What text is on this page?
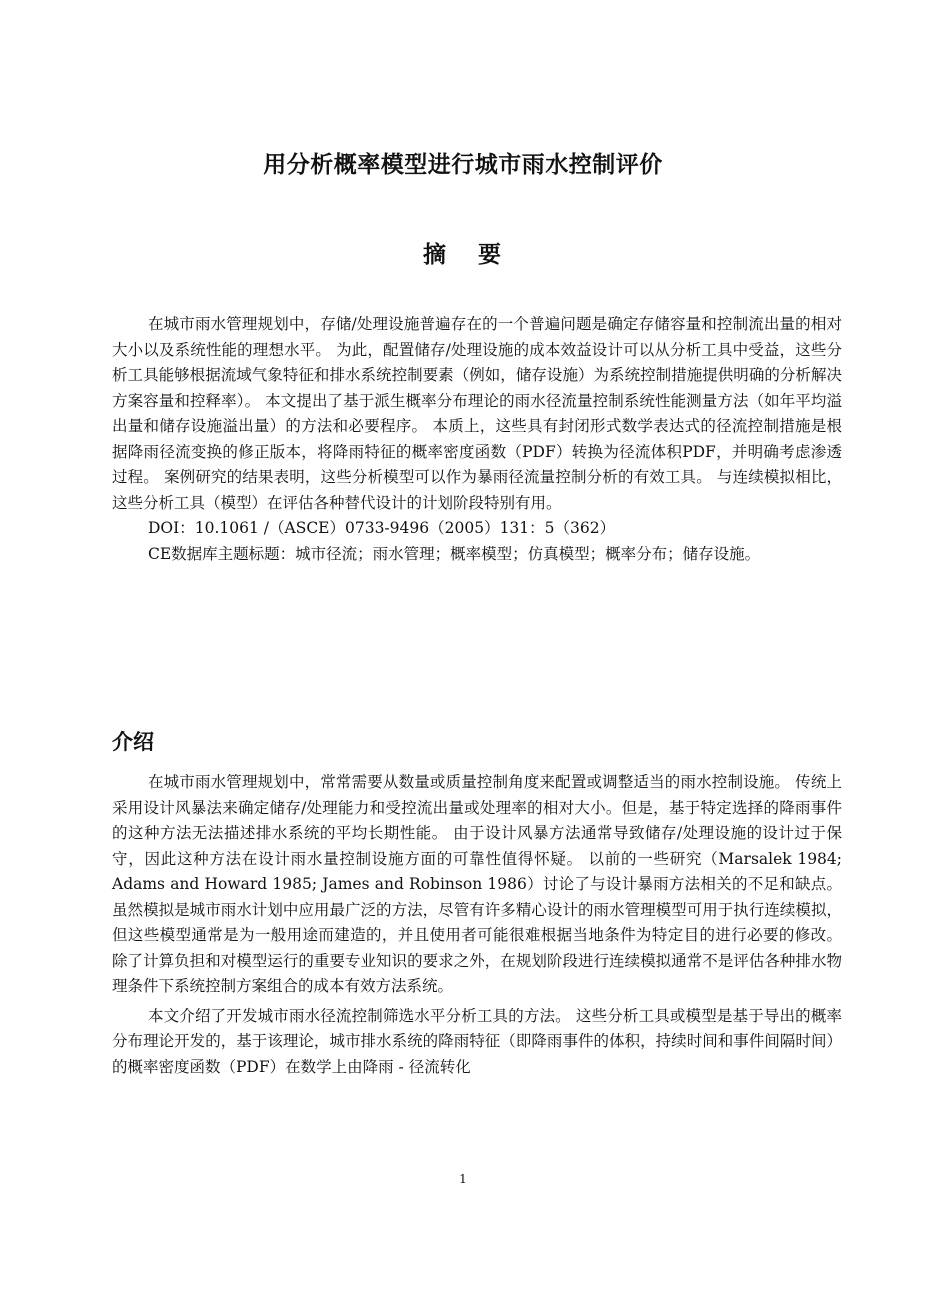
用分析概率模型进行城市雨水控制评价
摘 要

在城市雨水管理规划中，存储/处理设施普遍存在的一个普遍问题是确定存储容量和控制流出量的相对大小以及系统性能的理想水平。 为此，配置储存/处理设施的成本效益设计可以从分析工具中受益，这些分析工具能够根据流域气象特征和排水系统控制要素（例如，储存设施）为系统控制措施提供明确的分析解决方案容量和控释率）。 本文提出了基于派生概率分布理论的雨水径流量控制系统性能测量方法（如年平均溢出量和储存设施溢出量）的方法和必要程序。 本质上，这些具有封闭形式数学表达式的径流控制措施是根据降雨径流变换的修正版本，将降雨特征的概率密度函数（PDF）转换为径流体积PDF，并明确考虑渗透过程。 案例研究的结果表明，这些分析模型可以作为暴雨径流量控制分析的有效工具。 与连续模拟相比，这些分析工具（模型）在评估各种替代设计的计划阶段特别有用。

DOI：10.1061 /（ASCE）0733-9496（2005）131：5（362）

CE数据库主题标题：城市径流；雨水管理；概率模型；仿真模型；概率分布；储存设施。

介绍

在城市雨水管理规划中，常常需要从数量或质量控制角度来配置或调整适当的雨水控制设施。 传统上采用设计风暴法来确定储存/处理能力和受控流出量或处理率的相对大小。但是，基于特定选择的降雨事件的这种方法无法描述排水系统的平均长期性能。 由于设计风暴方法通常导致储存/处理设施的设计过于保守，因此这种方法在设计雨水量控制设施方面的可靠性值得怀疑。 以前的一些研究（Marsalek 1984; Adams and Howard 1985; James and Robinson 1986）讨论了与设计暴雨方法相关的不足和缺点。 虽然模拟是城市雨水计划中应用最广泛的方法，尽管有许多精心设计的雨水管理模型可用于执行连续模拟，但这些模型通常是为一般用途而建造的，并且使用者可能很难根据当地条件为特定目的进行必要的修改。 除了计算负担和对模型运行的重要专业知识的要求之外，在规划阶段进行连续模拟通常不是评估各种排水物理条件下系统控制方案组合的成本有效方法系统。

本文介绍了开发城市雨水径流控制筛选水平分析工具的方法。 这些分析工具或模型是基于导出的概率分布理论开发的，基于该理论，城市排水系统的降雨特征（即降雨事件的体积，持续时间和事件间隔时间）的概率密度函数（PDF）在数学上由降雨 - 径流转化

1
